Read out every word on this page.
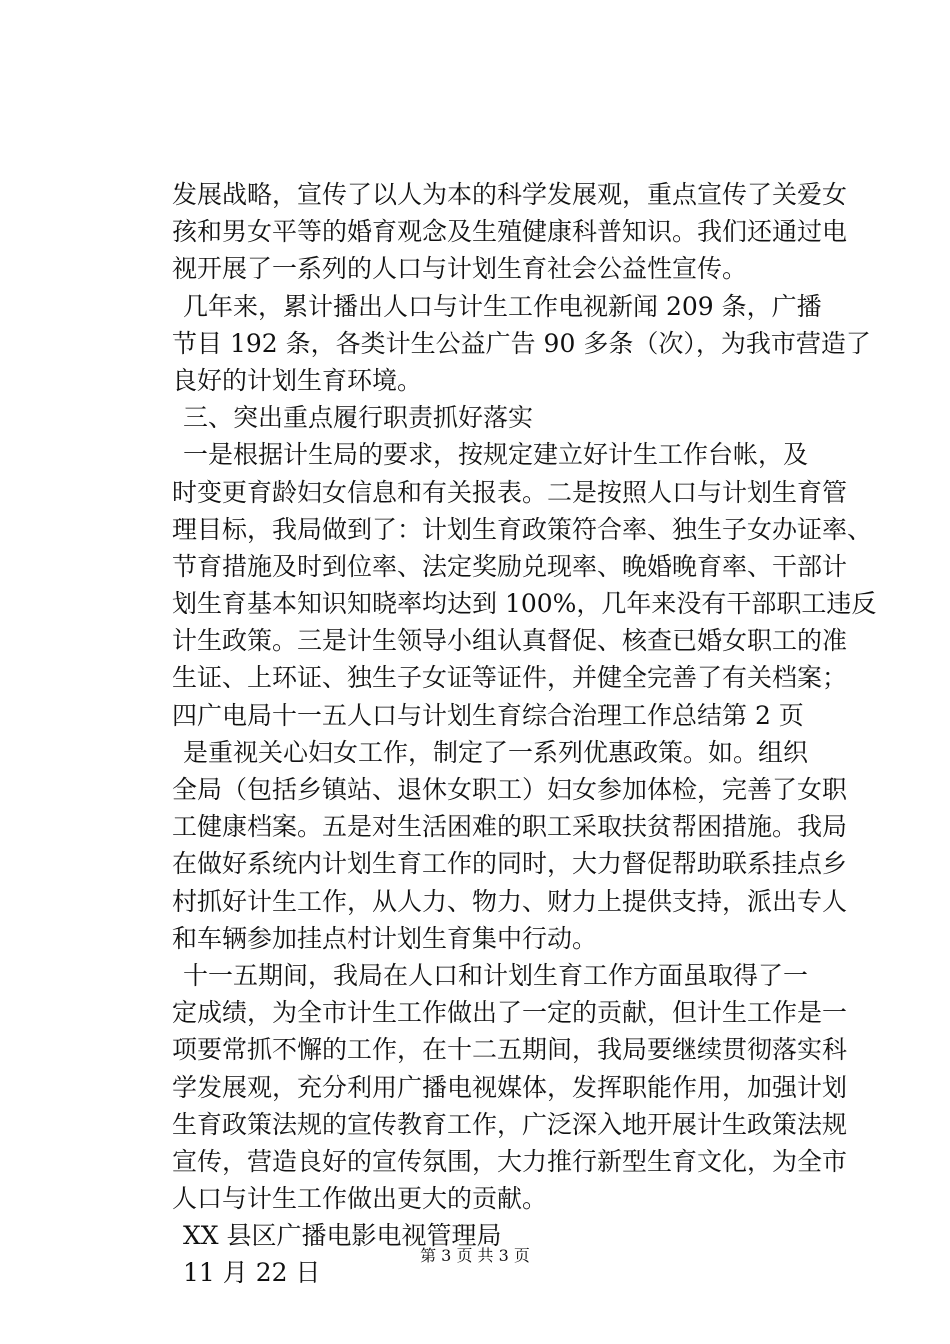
发展战略，宣传了以人为本的科学发展观，重点宣传了关爱女
孩和男女平等的婚育观念及生殖健康科普知识。我们还通过电
视开展了一系列的人口与计划生育社会公益性宣传。
几年来，累计播出人口与计生工作电视新闻 209 条，广播
节目 192 条，各类计生公益广告 90 多条（次），为我市营造了
良好的计划生育环境。
三、突出重点履行职责抓好落实
一是根据计生局的要求，按规定建立好计生工作台帐，及
时变更育龄妇女信息和有关报表。二是按照人口与计划生育管
理目标，我局做到了：计划生育政策符合率、独生子女办证率、
节育措施及时到位率、法定奖励兑现率、晚婚晚育率、干部计
划生育基本知识知晓率均达到 100%，几年来没有干部职工违反
计生政策。三是计生领导小组认真督促、核查已婚女职工的准
生证、上环证、独生子女证等证件，并健全完善了有关档案；
四广电局十一五人口与计划生育综合治理工作总结第 2 页
是重视关心妇女工作，制定了一系列优惠政策。如。组织
全局（包括乡镇站、退休女职工）妇女参加体检，完善了女职
工健康档案。五是对生活困难的职工采取扶贫帮困措施。我局
在做好系统内计划生育工作的同时，大力督促帮助联系挂点乡
村抓好计生工作，从人力、物力、财力上提供支持，派出专人
和车辆参加挂点村计划生育集中行动。
十一五期间，我局在人口和计划生育工作方面虽取得了一
定成绩，为全市计生工作做出了一定的贡献，但计生工作是一
项要常抓不懈的工作，在十二五期间，我局要继续贯彻落实科
学发展观，充分利用广播电视媒体，发挥职能作用，加强计划
生育政策法规的宣传教育工作，广泛深入地开展计生政策法规
宣传，营造良好的宣传氛围，大力推行新型生育文化，为全市
人口与计生工作做出更大的贡献。
XX 县区广播电影电视管理局
11 月 22 日
第 3 页 共 3 页
